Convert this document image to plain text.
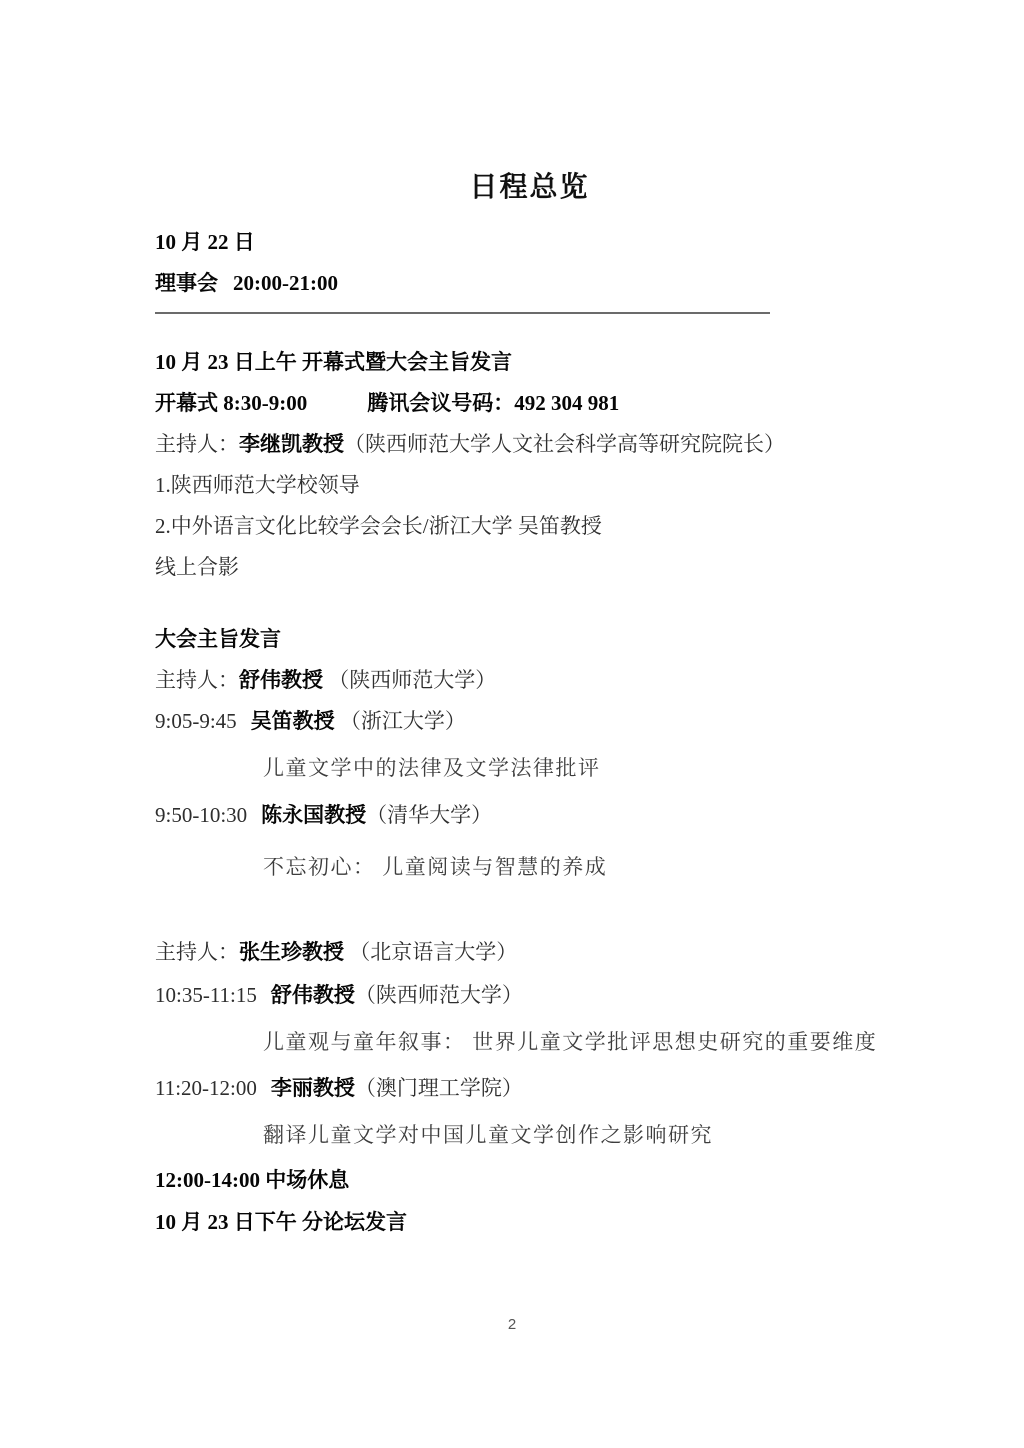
日程总览
10 月 22 日
理事会 20:00-21:00
10 月 23 日上午 开幕式暨大会主旨发言
开幕式 8:30-9:00	腾讯会议号码：492 304 981
主持人：李继凯教授（陕西师范大学人文社会科学高等研究院院长）
1.陕西师范大学校领导
2.中外语言文化比较学会会长/浙江大学 吴笛教授
线上合影
大会主旨发言
主持人：舒伟教授 （陕西师范大学）
9:05-9:45 吴笛教授 （浙江大学）
儿童文学中的法律及文学法律批评
9:50-10:30 陈永国教授（清华大学）
不忘初心： 儿童阅读与智慧的养成
主持人：张生珍教授 （北京语言大学）
10:35-11:15 舒伟教授（陕西师范大学）
儿童观与童年叙事： 世界儿童文学批评思想史研究的重要维度
11:20-12:00 李丽教授（澳门理工学院）
翻译儿童文学对中国儿童文学创作之影响研究
12:00-14:00 中场休息
10 月 23 日下午 分论坛发言
2
